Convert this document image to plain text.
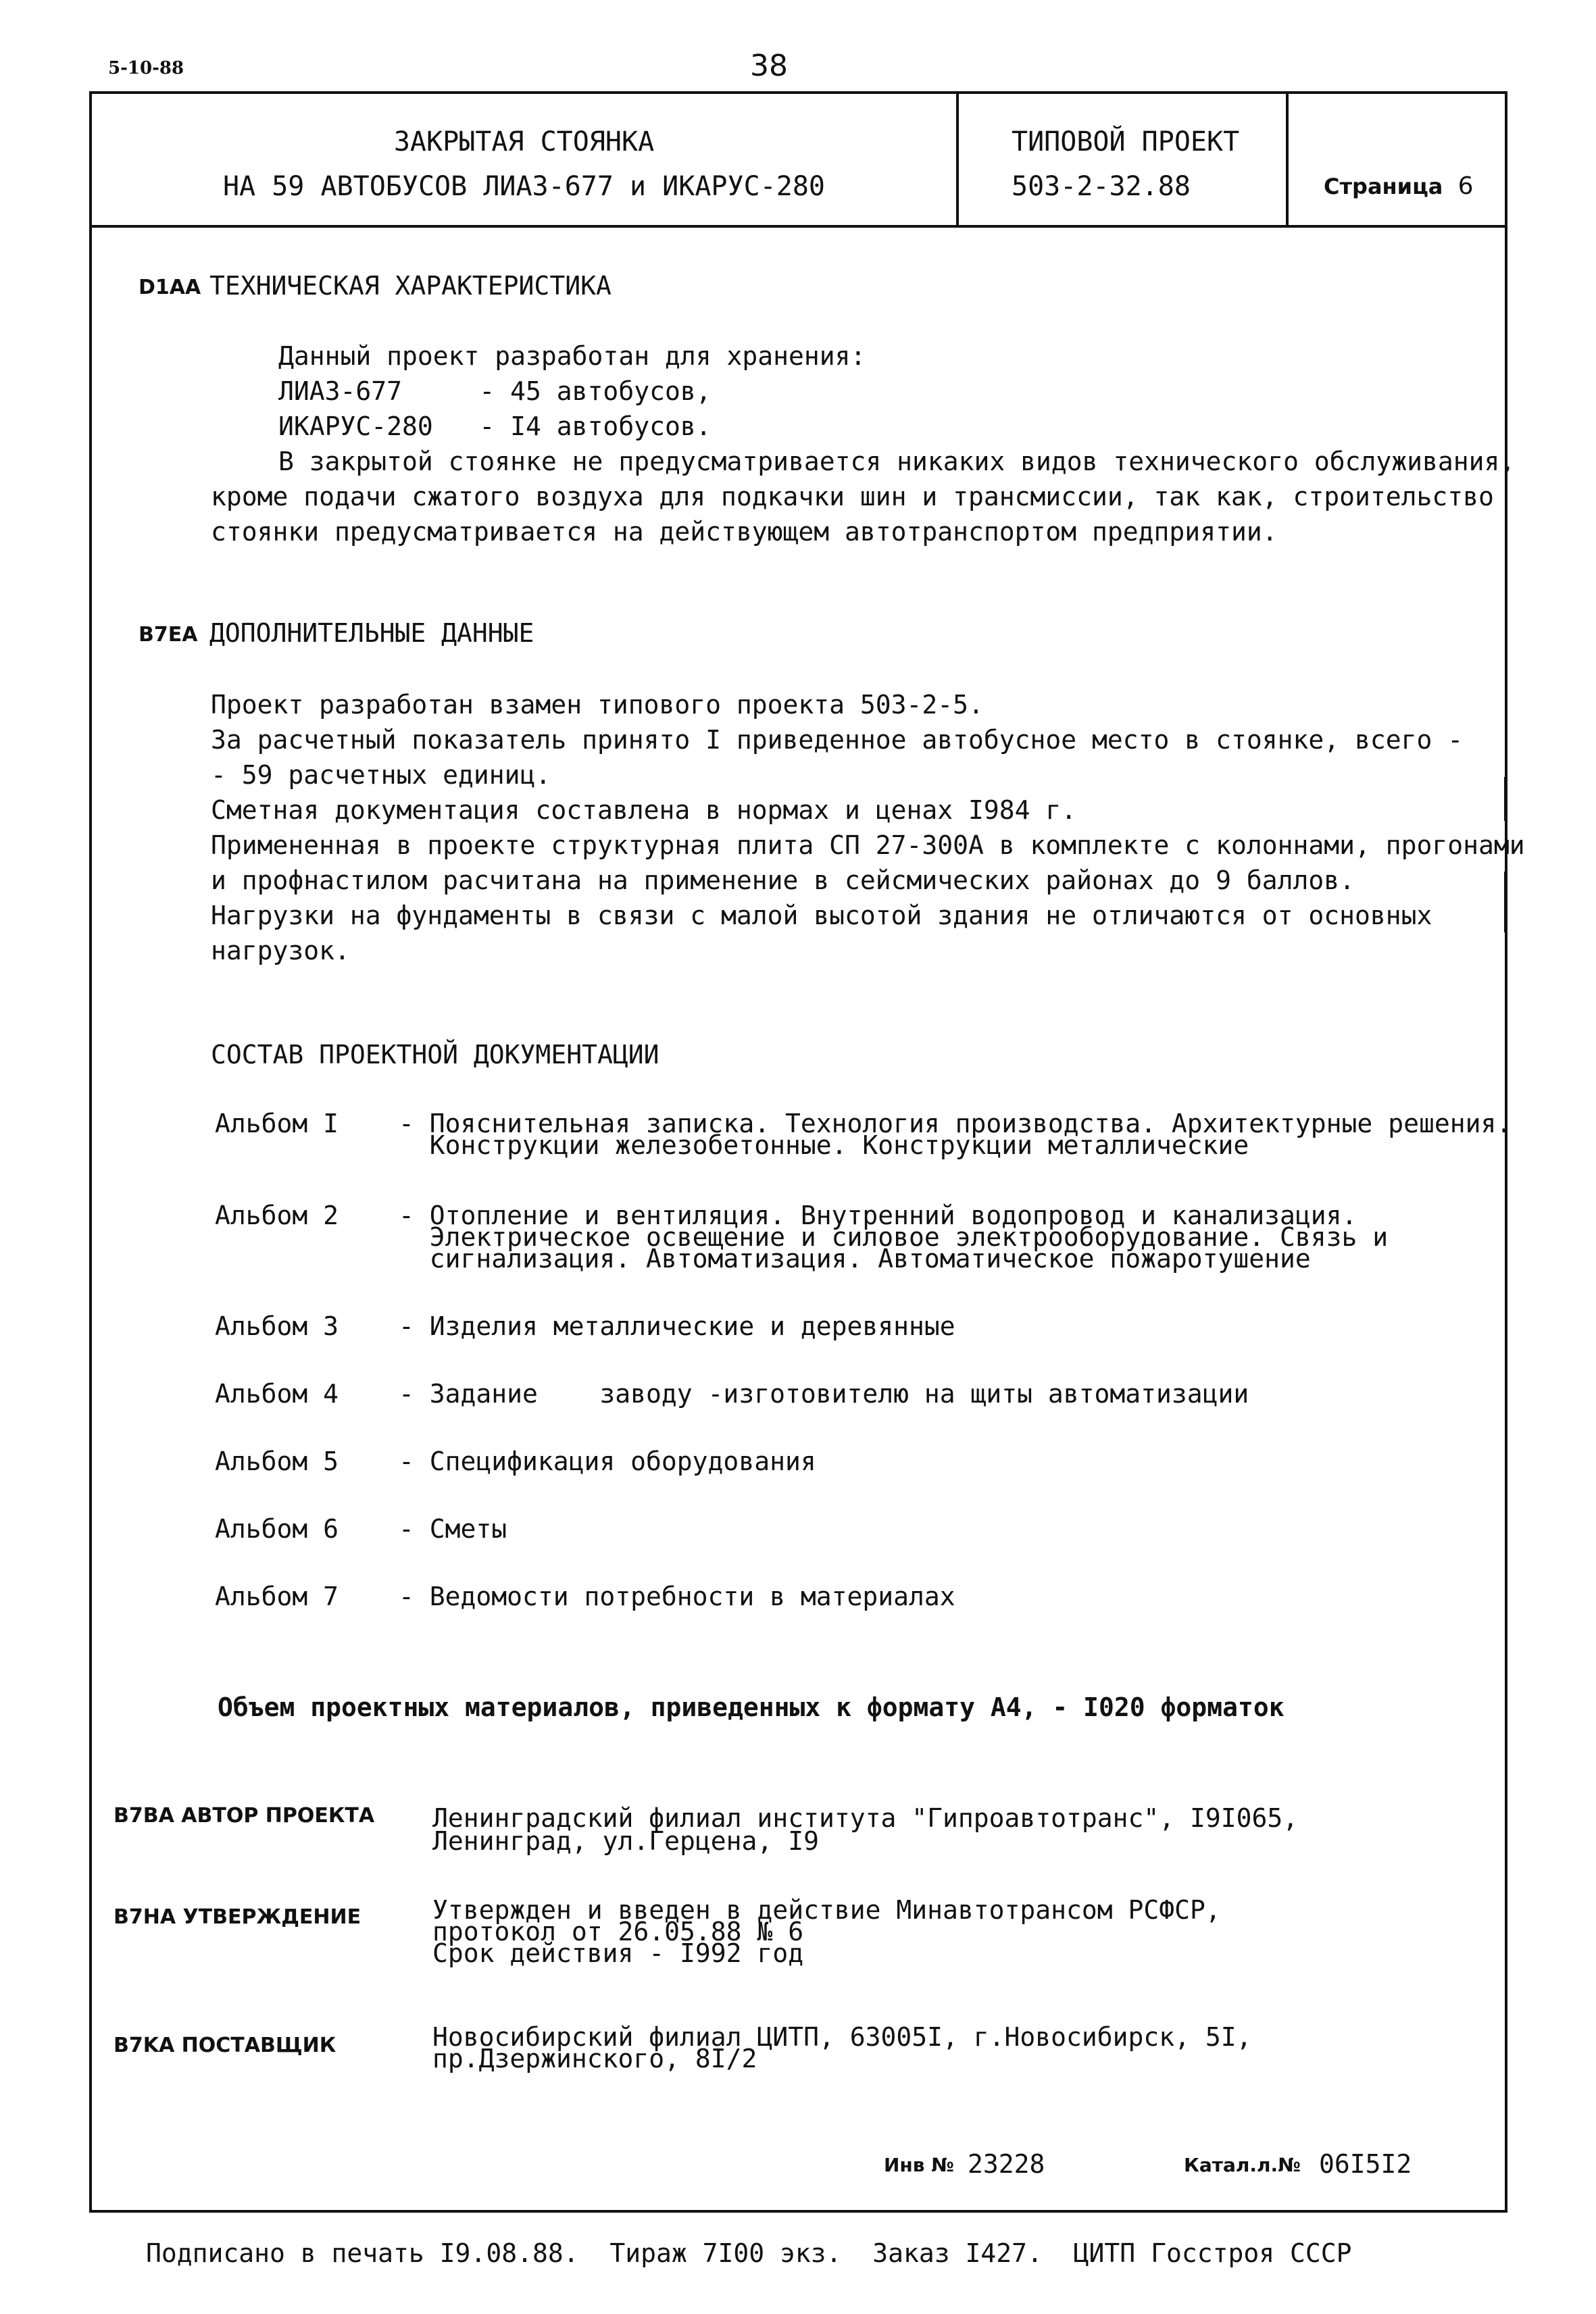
5-10-88	38
ЗАКРЫТАЯ СТОЯНКА
НА 59 АВТОБУСОВ ЛИАЗ-677 и ИКАРУС-280
ТИПОВОЙ ПРОЕКТ
503-2-32.88	Страница 6
D1AA ТЕХНИЧЕСКАЯ ХАРАКТЕРИСТИКА
Данный проект разработан для хранения:
ЛИАЗ-677     - 45 автобусов,
ИКАРУС-280   - I4 автобусов.
В закрытой стоянке не предусматривается никаких видов технического обслуживания,
кроме подачи сжатого воздуха для подкачки шин и трансмиссии, так как, строительство
стоянки предусматривается на действующем автотранспортом предприятии.
B7EA ДОПОЛНИТЕЛЬНЫЕ ДАННЫЕ
Проект разработан взамен типового проекта 503-2-5.
За расчетный показатель принято I приведенное автобусное место в стоянке, всего -
- 59 расчетных единиц.
Сметная документация составлена в нормах и ценах I984 г.
Примененная в проекте структурная плита СП 27-300А в комплекте с колоннами, прогонами
и профнастилом расчитана на применение в сейсмических районах до 9 баллов.
Нагрузки на фундаменты в связи с малой высотой здания не отличаются от основных
нагрузок.
СОСТАВ ПРОЕКТНОЙ ДОКУМЕНТАЦИИ
Альбом I - Пояснительная записка. Технология производства. Архитектурные решения.
Конструкции железобетонные. Конструкции металлические
Альбом 2 - Отопление и вентиляция. Внутренний водопровод и канализация.
Электрическое освещение и силовое электрооборудование. Связь и
сигнализация. Автоматизация. Автоматическое пожаротушение
Альбом 3 - Изделия металлические и деревянные
Альбом 4 - Задание    заводу -изготовителю на щиты автоматизации
Альбом 5 - Спецификация оборудования
Альбом 6 - Сметы
Альбом 7 - Ведомости потребности в материалах
Объем проектных материалов, приведенных к формату А4, - I020 форматок
B7BA АВТОР ПРОЕКТА Ленинградский филиал института "Гипроавтотранс", I9I065,
Ленинград, ул.Герцена, I9
B7HA УТВЕРЖДЕНИЕ	Утвержден и введен в действие Минавтотрансом РСФСР,
протокол от 26.05.88 № 6
Срок действия - I992 год
B7KA ПОСТАВЩИК	Новосибирский филиал ЦИТП, 63005I, г.Новосибирск, 5I,
пр.Дзержинского, 8I/2
Инв № 23228	Катал.л.№ 06I5I2
Подписано в печать I9.08.88.  Тираж 7I00 экз.  Заказ I427.  ЦИТП Госстроя СССР
